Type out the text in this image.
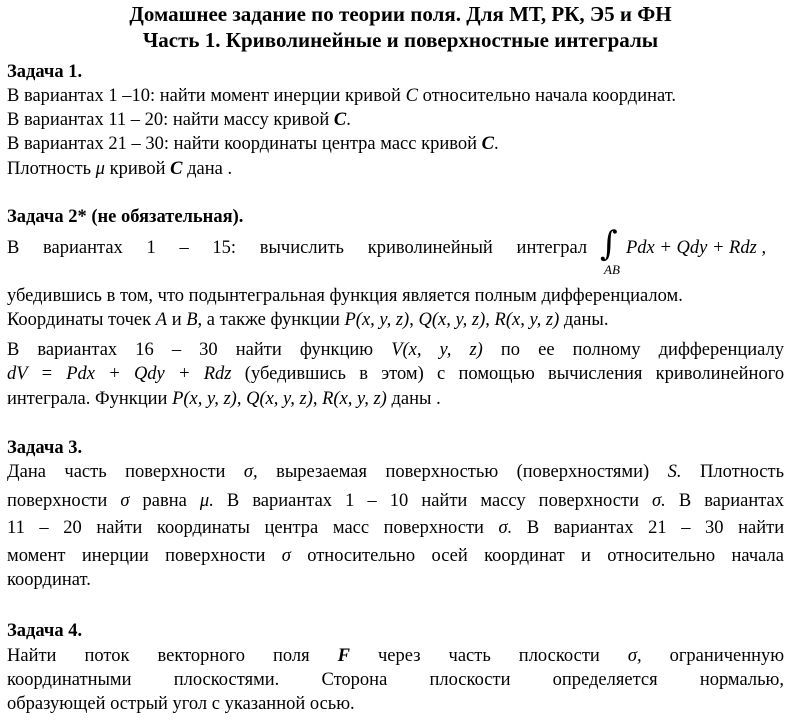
Домашнее задание по теории поля. Для МТ, РК, Э5 и ФН
Часть 1. Криволинейные и поверхностные интегралы
Задача 1.
В вариантах 1 –10: найти момент инерции кривой C относительно начала координат.
В вариантах 11 – 20: найти массу кривой C.
В вариантах 21 – 30: найти координаты центра масс кривой C.
Плотность μ кривой C дана .
Задача 2* (не обязательная).
В вариантах 1 – 15: вычислить криволинейный интеграл ∫
AB
Pdx + Qdy + Rdz ,
убедившись в том, что подынтегральная функция является полным дифференциалом.
Координаты точек A и B, а также функции P(x, y, z), Q(x, y, z), R(x, y, z) даны.
В вариантах 16 – 30 найти функцию V(x, y, z) по ее полному дифференциалу
dV = Pdx + Qdy + Rdz (убедившись в этом) с помощью вычисления криволинейного
интеграла. Функции P(x, y, z), Q(x, y, z), R(x, y, z) даны .
Задача 3.
Дана часть поверхности σ, вырезаемая поверхностью (поверхностями) S. Плотность
поверхности σ равна μ. В вариантах 1 – 10 найти массу поверхности σ. В вариантах
11 – 20 найти координаты центра масс поверхности σ. В вариантах 21 – 30 найти
момент инерции поверхности σ относительно осей координат и относительно начала
координат.
Задача 4.
Найти поток векторного поля F через часть плоскости σ, ограниченную
координатными плоскостями. Сторона плоскости определяется нормалью,
образующей острый угол с указанной осью.
